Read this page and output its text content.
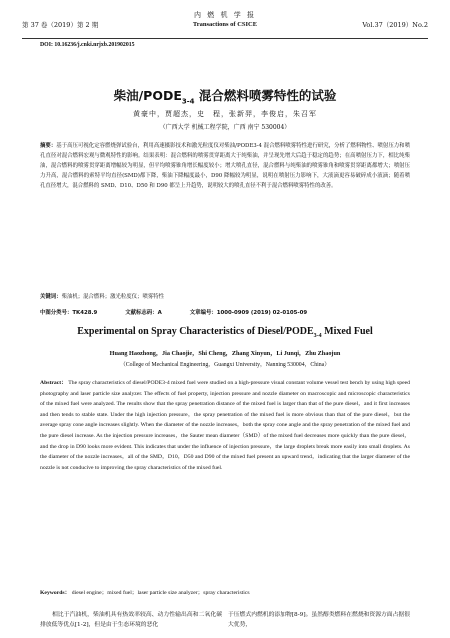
第 37 卷（2019）第 2 期
内 燃 机 学 报
Transactions of CSICE	Vol.37（2019）No.2
DOI: 10.16236/j.cnki.nrjxb.201902015
柴油$/PODE_{3-4}$ 混合燃料喷雾特性的试验
黄豪中，贾超杰，史　程，张新羿，李俊启，朱召军
（广西大学 机械工程学院，广西 南宁 530004）
摘要：基于高压可视化定容燃烧弹试验台，利用高速摄影技术和激光粒度仪对柴油/PODE3-4 混合燃料喷雾特性进行研究，分析了燃料物性、喷射压力和喷孔直径对混合燃料宏观与微观特性的影响。结果表明：混合燃料的喷雾贯穿距离大于纯柴油，并呈现先增大后趋于稳定的趋势；在高喷射压力下，相比纯柴油，混合燃料的喷雾贯穿距离增幅较为明显，但平均喷雾锥角增长幅度较小；增大喷孔直径，混合燃料与纯柴油的喷雾锥角和喷雾贯穿距离都增大；喷射压力升高，混合燃料的索特平均直径(SMD)都下降，柴油下降幅度最小，D90 降幅较为明显，说明在喷射压力影响下，大液滴更容易破碎成小液滴；随着喷孔直径增大，混合燃料的 SMD、D10、D50 和 D90 都呈上升趋势，说明较大的喷孔直径不利于混合燃料喷雾特性的改善。
关键词：柴油机；混合燃料；激光粒度仪；喷雾特性
中图分类号：TK428.9	文献标志码：A	文章编号：1000-0909 (2019) 02-0105-09
Experimental on Spray Characteristics of Diesel/$PODE_{3-4}$ Mixed Fuel
Huang Haozhong，Jia Chaojie，Shi Cheng，Zhang Xinyun，Li Junqi，Zhu Zhaojun
（College of Mechanical Engineering，Guangxi University，Nanning 530004，China）
Abstract： The spray characteristics of diesel/PODE3-4 mixed fuel were studied on a high-pressure visual constant volume vessel test bench by using high speed photography and laser particle size analyzer. The effects of fuel property, injection pressure and nozzle diameter on macroscopic and microscopic characteristics of the mixed fuel were analyzed. The results show that the spray penetration distance of the mixed fuel is larger than that of the pure diesel，and it first increases and then tends to stable state. Under the high injection pressure，the spray penetration of the mixed fuel is more obvious than that of the pure diesel，but the average spray cone angle increases slightly. When the diameter of the nozzle increases，both the spray cone angle and the spray penetration of the mixed fuel and the pure diesel increase. As the injection pressure increases，the Sauter mean diameter（SMD）of the mixed fuel decreases more quickly than the pure diesel，and the drop in D90 looks more evident. This indicates that under the influence of injection pressure，the large droplets break more easily into small droplets. As the diameter of the nozzle increases，all of the SMD，D10，D50 and D90 of the mixed fuel present an upward trend，indicating that the larger diameter of the nozzle is not conducive to improving the spray characteristics of the mixed fuel.
Keywords： diesel engine；mixed fuel；laser particle size analyzer；spray characteristics
相比于汽油机，柴油机具有热效率较高、动力性输出高和二氧化碳排放低等优点[1-2]，但是由于生态环境的恶化
于压燃式内燃机的添加物[8-9]。虽然醇类燃料在燃烧和资源方面占据很大优势，
